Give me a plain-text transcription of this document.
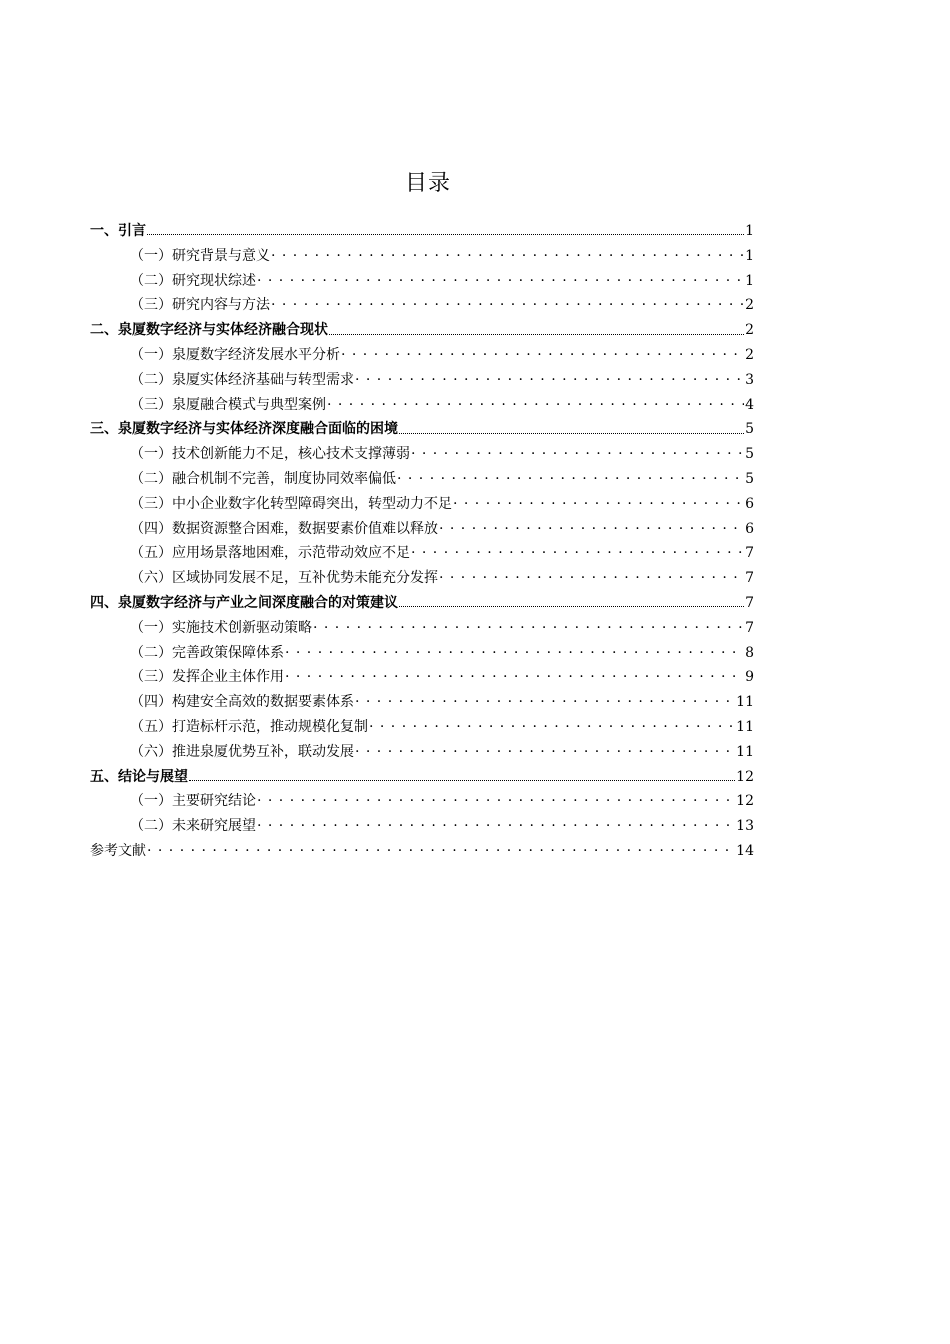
目录
一、引言	1
（一）研究背景与意义 . . .	1
（二）研究现状综述 . . .	1
（三）研究内容与方法 . . .	2
二、泉厦数字经济与实体经济融合现状	2
（一）泉厦数字经济发展水平分析 . . .	2
（二）泉厦实体经济基础与转型需求 . . .	3
（三）泉厦融合模式与典型案例 . . .	4
三、泉厦数字经济与实体经济深度融合面临的困境	5
（一）技术创新能力不足，核心技术支撑薄弱 . . .	5
（二）融合机制不完善，制度协同效率偏低 . . .	5
（三）中小企业数字化转型障碍突出，转型动力不足 . . .	6
（四）数据资源整合困难，数据要素价值难以释放 . . .	6
（五）应用场景落地困难，示范带动效应不足 . . .	7
（六）区域协同发展不足，互补优势未能充分发挥 . . .	7
四、泉厦数字经济与产业之间深度融合的对策建议	7
（一）实施技术创新驱动策略 . . .	7
（二）完善政策保障体系 . . .	8
（三）发挥企业主体作用 . . .	9
（四）构建安全高效的数据要素体系 . . .	11
（五）打造标杆示范，推动规模化复制 . . .	11
（六）推进泉厦优势互补，联动发展 . . .	11
五、结论与展望	12
（一）主要研究结论 . . .	12
（二）未来研究展望 . . .	13
参考文献 . . .	14
